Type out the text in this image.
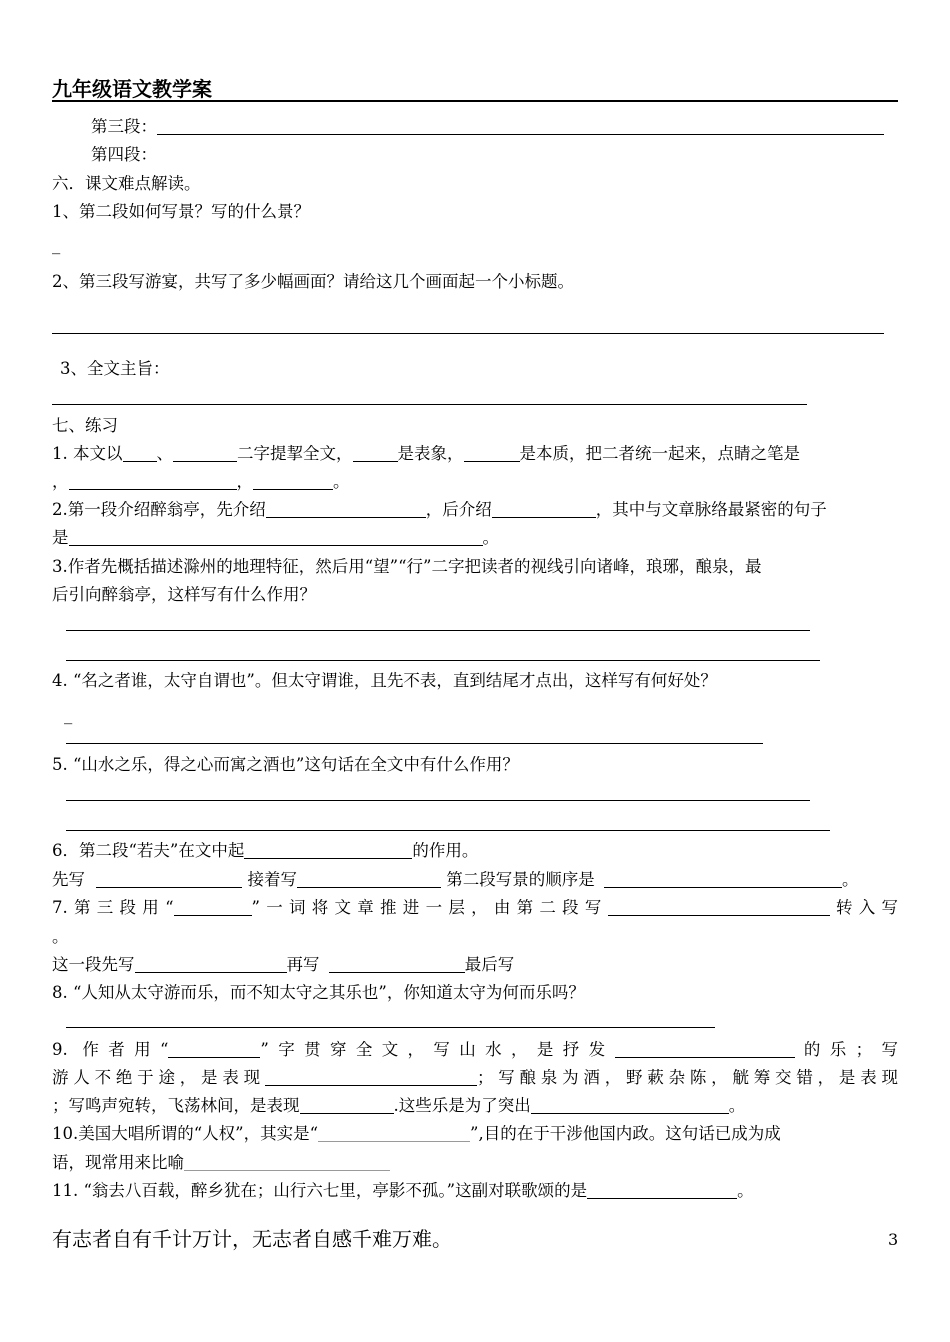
九年级语文教学案
第三段：
第四段：
六．课文难点解读。
1、第二段如何写景？写的什么景？
_
2、第三段写游宴，共写了多少幅画面？请给这几个画面起一个小标题。
3、全文主旨：
七、练习
1. 本文以 、	二字提挈全文，	是表象，	是本质，把二者统一起来，点睛之笔是
，	，	。
2.第一段介绍醉翁亭，先介绍	，后介绍	，其中与文章脉络最紧密的句子
是	。
3.作者先概括描述滁州的地理特征，然后用“望”“行”二字把读者的视线引向诸峰，琅琊，酿泉，最
后引向醉翁亭，这样写有什么作用？
4. “名之者谁，太守自谓也”。但太守谓谁，且先不表，直到结尾才点出，这样写有何好处？
_
5. “山水之乐，得之心而寓之酒也”这句话在全文中有什么作用？
6．第二段“若夫”在文中起	的作用。
先写	接着写	第二段写景的顺序是	。
7.第三段用“	”一词将文章推进一层，由第二段写	转入写
。
这一段先写	再写	最后写
8. “人知从太守游而乐，而不知太守之其乐也”，你知道太守为何而乐吗？
9. 作者用“	”字贯穿全文，写山水，是抒发	的乐；写
游人不绝于途，是表现	；写酿泉为酒，野蔌杂陈，觥筹交错，是表现
；写鸣声宛转，飞荡林间，是表现	.这些乐是为了突出	。
10.美国大唱所谓的“人权”，其实是“	”,目的在于干涉他国内政。这句话已成为成
语，现常用来比喻
11. “翁去八百载，醉乡犹在；山行六七里，亭影不孤。”这副对联歌颂的是	。
有志者自有千计万计，无志者自感千难万难。	3
